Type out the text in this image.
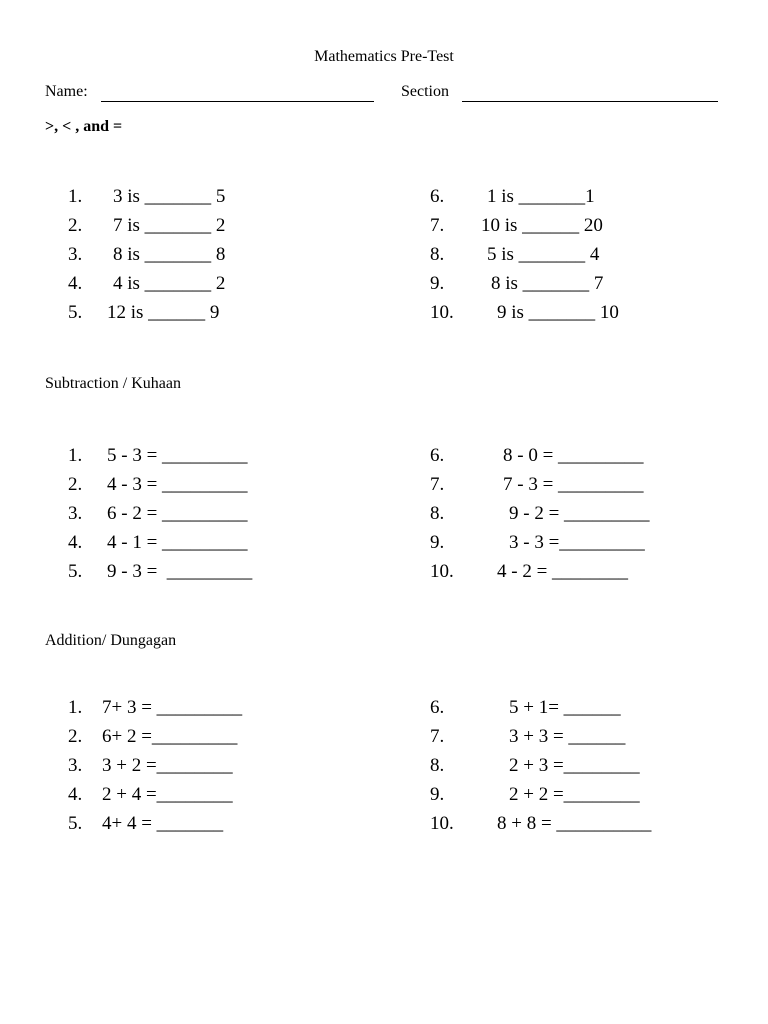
Mathematics Pre-Test
Name:	Section
>, < , and =
1. 3 is _______ 5
2. 7 is _______ 2
3. 8 is _______ 8
4. 4 is _______ 2
5. 12 is ______ 9
6. 1 is _______1
7. 10 is ______ 20
8. 5 is _______ 4
9. 8 is _______ 7
10. 9 is _______ 10
Subtraction / Kuhaan
1. 5 - 3 = _________
2. 4 - 3 = _________
3. 6 - 2 = _________
4. 4 - 1 = _________
5. 9 - 3 =  _________
6.	8 - 0 = _________
7.	7 - 3 = _________
8.	9 - 2 = _________
9.	3 - 3 =_________
10. 4 - 2 = ________
Addition/ Dungagan
1. 7+ 3 = _________
2. 6+ 2 =_________
3. 3 + 2 =________
4. 2 + 4 =________
5. 4+ 4 = _______
6.	5 + 1= ______
7.	3 + 3 = ______
8.	2 + 3 =________
9.	2 + 2 =________
10. 8 + 8 = __________
